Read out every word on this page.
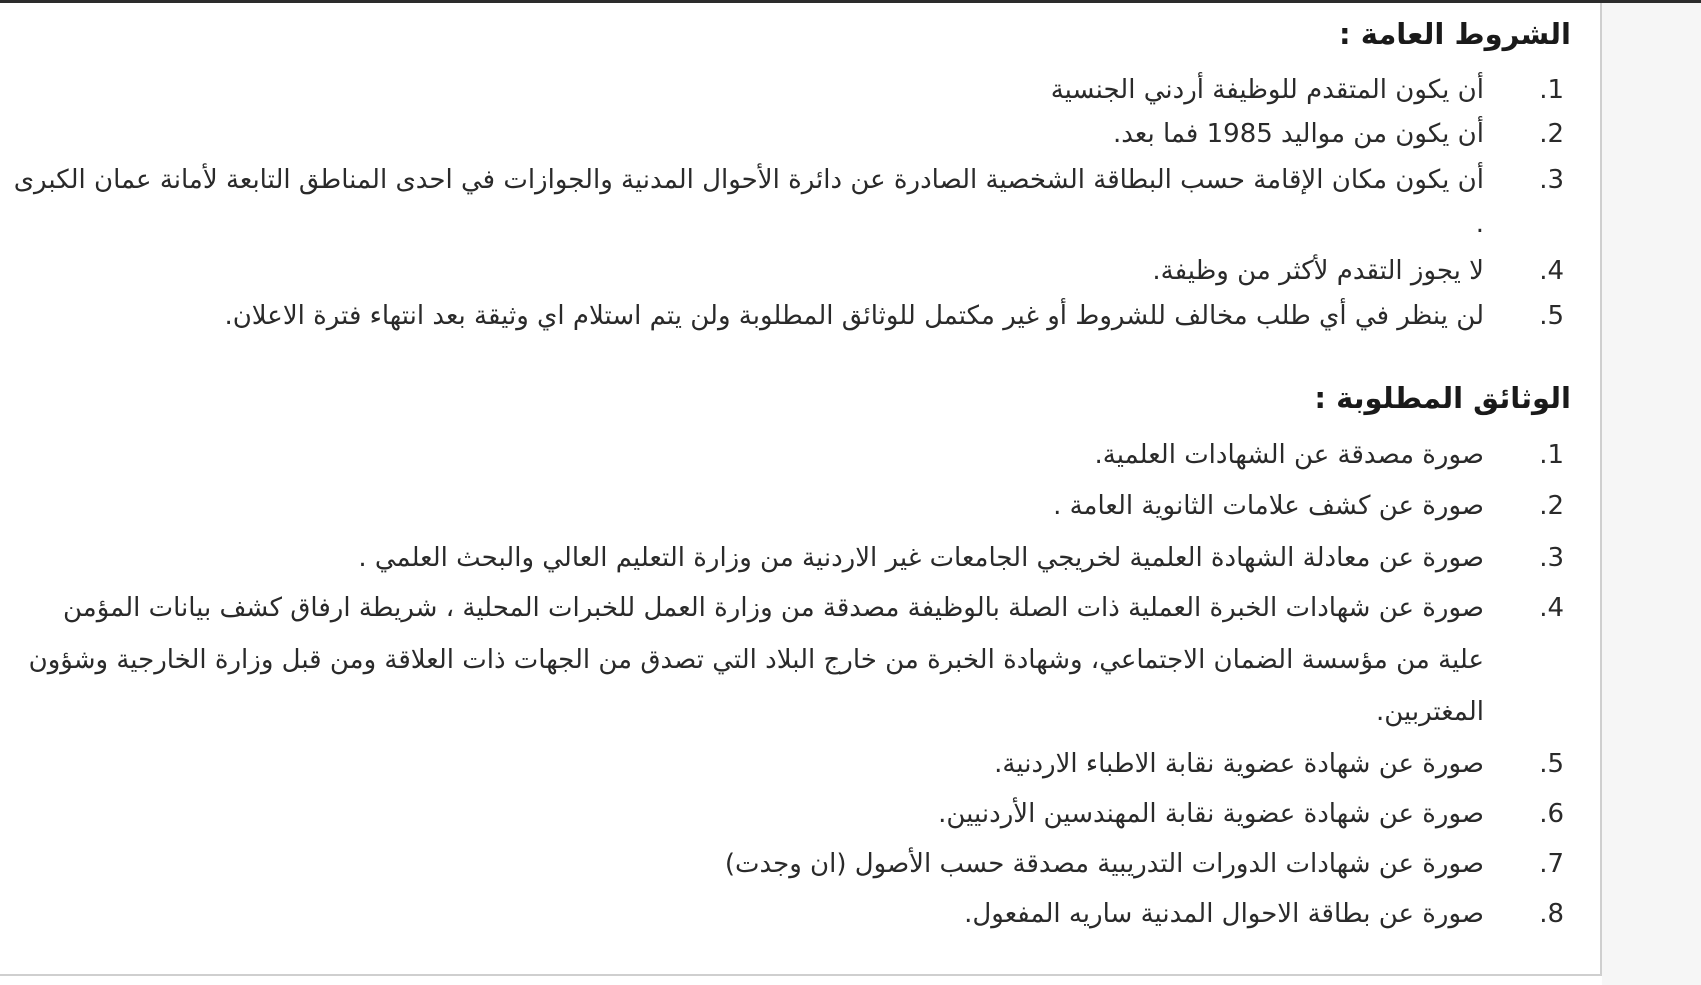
الشروط العامة :
.1
أن يكون المتقدم للوظيفة أردني الجنسية
.2
أن يكون من مواليد 1985 فما بعد.
.3
أن يكون مكان الإقامة حسب البطاقة الشخصية الصادرة عن دائرة الأحوال المدنية والجوازات في احدى المناطق التابعة لأمانة عمان الكبرى .
.4
لا يجوز التقدم لأكثر من وظيفة.
.5
لن ينظر في أي طلب مخالف للشروط أو غير مكتمل للوثائق المطلوبة ولن يتم استلام اي وثيقة بعد انتهاء فترة الاعلان.
الوثائق المطلوبة :
.1
صورة مصدقة عن الشهادات العلمية.
.2
صورة عن كشف علامات الثانوية العامة .
.3
صورة عن معادلة الشهادة العلمية لخريجي الجامعات غير الاردنية من وزارة التعليم العالي والبحث العلمي .
.4
صورة عن شهادات الخبرة العملية ذات الصلة بالوظيفة مصدقة من وزارة العمل للخبرات المحلية ، شريطة ارفاق كشف بيانات المؤمن علية من مؤسسة الضمان الاجتماعي، وشهادة الخبرة من خارج البلاد التي تصدق من الجهات ذات العلاقة ومن قبل وزارة الخارجية وشؤون المغتربين.
.5
صورة عن شهادة عضوية نقابة الاطباء الاردنية.
.6
صورة عن شهادة عضوية نقابة المهندسين الأردنيين.
.7
صورة عن شهادات الدورات التدريبية مصدقة حسب الأصول (ان وجدت)
.8
صورة عن بطاقة الاحوال المدنية ساريه المفعول.
